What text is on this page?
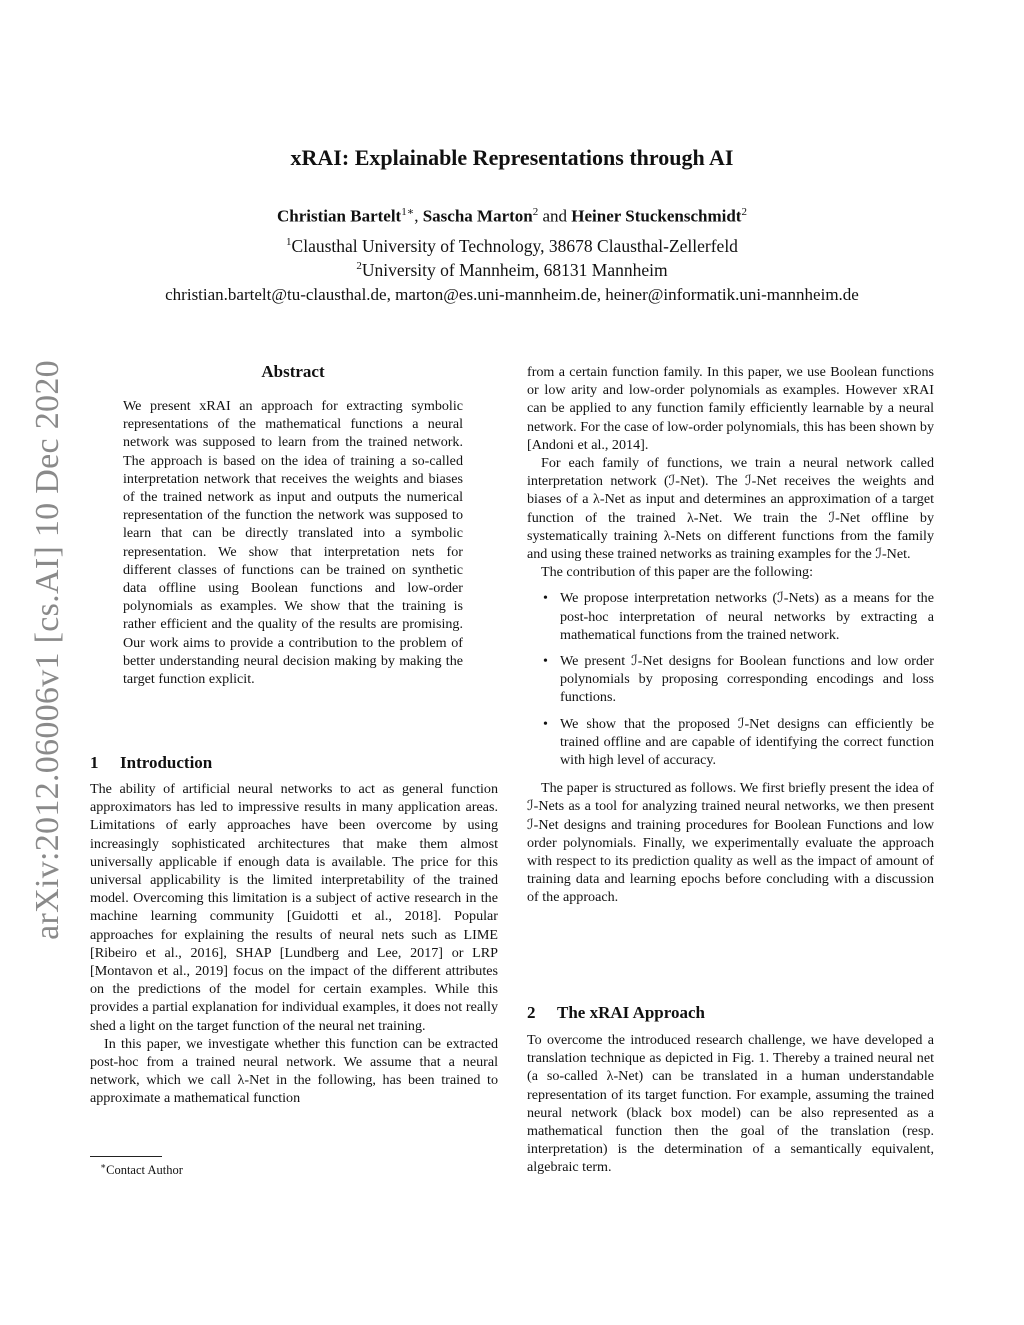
arXiv:2012.06006v1 [cs.AI] 10 Dec 2020
xRAI: Explainable Representations through AI
Christian Bartelt$^{1∗}$, Sascha Marton$^2$ and Heiner Stuckenschmidt$^2$
$^1$Clausthal University of Technology, 38678 Clausthal-Zellerfeld
$^2$University of Mannheim, 68131 Mannheim
christian.bartelt@tu-clausthal.de, marton@es.uni-mannheim.de, heiner@informatik.uni-mannheim.de
Abstract

We present xRAI an approach for extracting symbolic representations of the mathematical functions a neural network was supposed to learn from the trained network. The approach is based on the idea of training a so-called interpretation network that receives the weights and biases of the trained network as input and outputs the numerical representation of the function the network was supposed to learn that can be directly translated into a symbolic representation. We show that interpretation nets for different classes of functions can be trained on synthetic data offline using Boolean functions and low-order polynomials as examples. We show that the training is rather efficient and the quality of the results are promising. Our work aims to provide a contribution to the problem of better understanding neural decision making by making the target function explicit.

1 Introduction

The ability of artificial neural networks to act as general function approximators has led to impressive results in many application areas. Limitations of early approaches have been overcome by using increasingly sophisticated architectures that make them almost universally applicable if enough data is available. The price for this universal applicability is the limited interpretability of the trained model. Overcoming this limitation is a subject of active research in the machine learning community [Guidotti et al., 2018]. Popular approaches for explaining the results of neural nets such as LIME [Ribeiro et al., 2016], SHAP [Lundberg and Lee, 2017] or LRP [Montavon et al., 2019] focus on the impact of the different attributes on the predictions of the model for certain examples. While this provides a partial explanation for individual examples, it does not really shed a light on the target function of the neural net training.

In this paper, we investigate whether this function can be extracted post-hoc from a trained neural network. We assume that a neural network, which we call λ-Net in the following, has been trained to approximate a mathematical function

∗Contact Author

from a certain function family. In this paper, we use Boolean functions or low arity and low-order polynomials as examples. However xRAI can be applied to any function family efficiently learnable by a neural network. For the case of low-order polynomials, this has been shown by [Andoni et al., 2014].

For each family of functions, we train a neural network called interpretation network (ℐ-Net). The ℐ-Net receives the weights and biases of a λ-Net as input and determines an approximation of a target function of the trained λ-Net. We train the ℐ-Net offline by systematically training λ-Nets on different functions from the family and using these trained networks as training examples for the ℐ-Net.

The contribution of this paper are the following:

• We propose interpretation networks (ℐ-Nets) as a means for the post-hoc interpretation of neural networks by extracting a mathematical functions from the trained network.
• We present ℐ-Net designs for Boolean functions and low order polynomials by proposing corresponding encodings and loss functions.
• We show that the proposed ℐ-Net designs can efficiently be trained offline and are capable of identifying the correct function with high level of accuracy.

The paper is structured as follows. We first briefly present the idea of ℐ-Nets as a tool for analyzing trained neural networks, we then present ℐ-Net designs and training procedures for Boolean Functions and low order polynomials. Finally, we experimentally evaluate the approach with respect to its prediction quality as well as the impact of amount of training data and learning epochs before concluding with a discussion of the approach.

2 The xRAI Approach

To overcome the introduced research challenge, we have developed a translation technique as depicted in Fig. 1. Thereby a trained neural net (a so-called λ-Net) can be translated in a human understandable representation of its target function. For example, assuming the trained neural network (black box model) can be also represented as a mathematical function then the goal of the translation (resp. interpretation) is the determination of a semantically equivalent, algebraic term.
